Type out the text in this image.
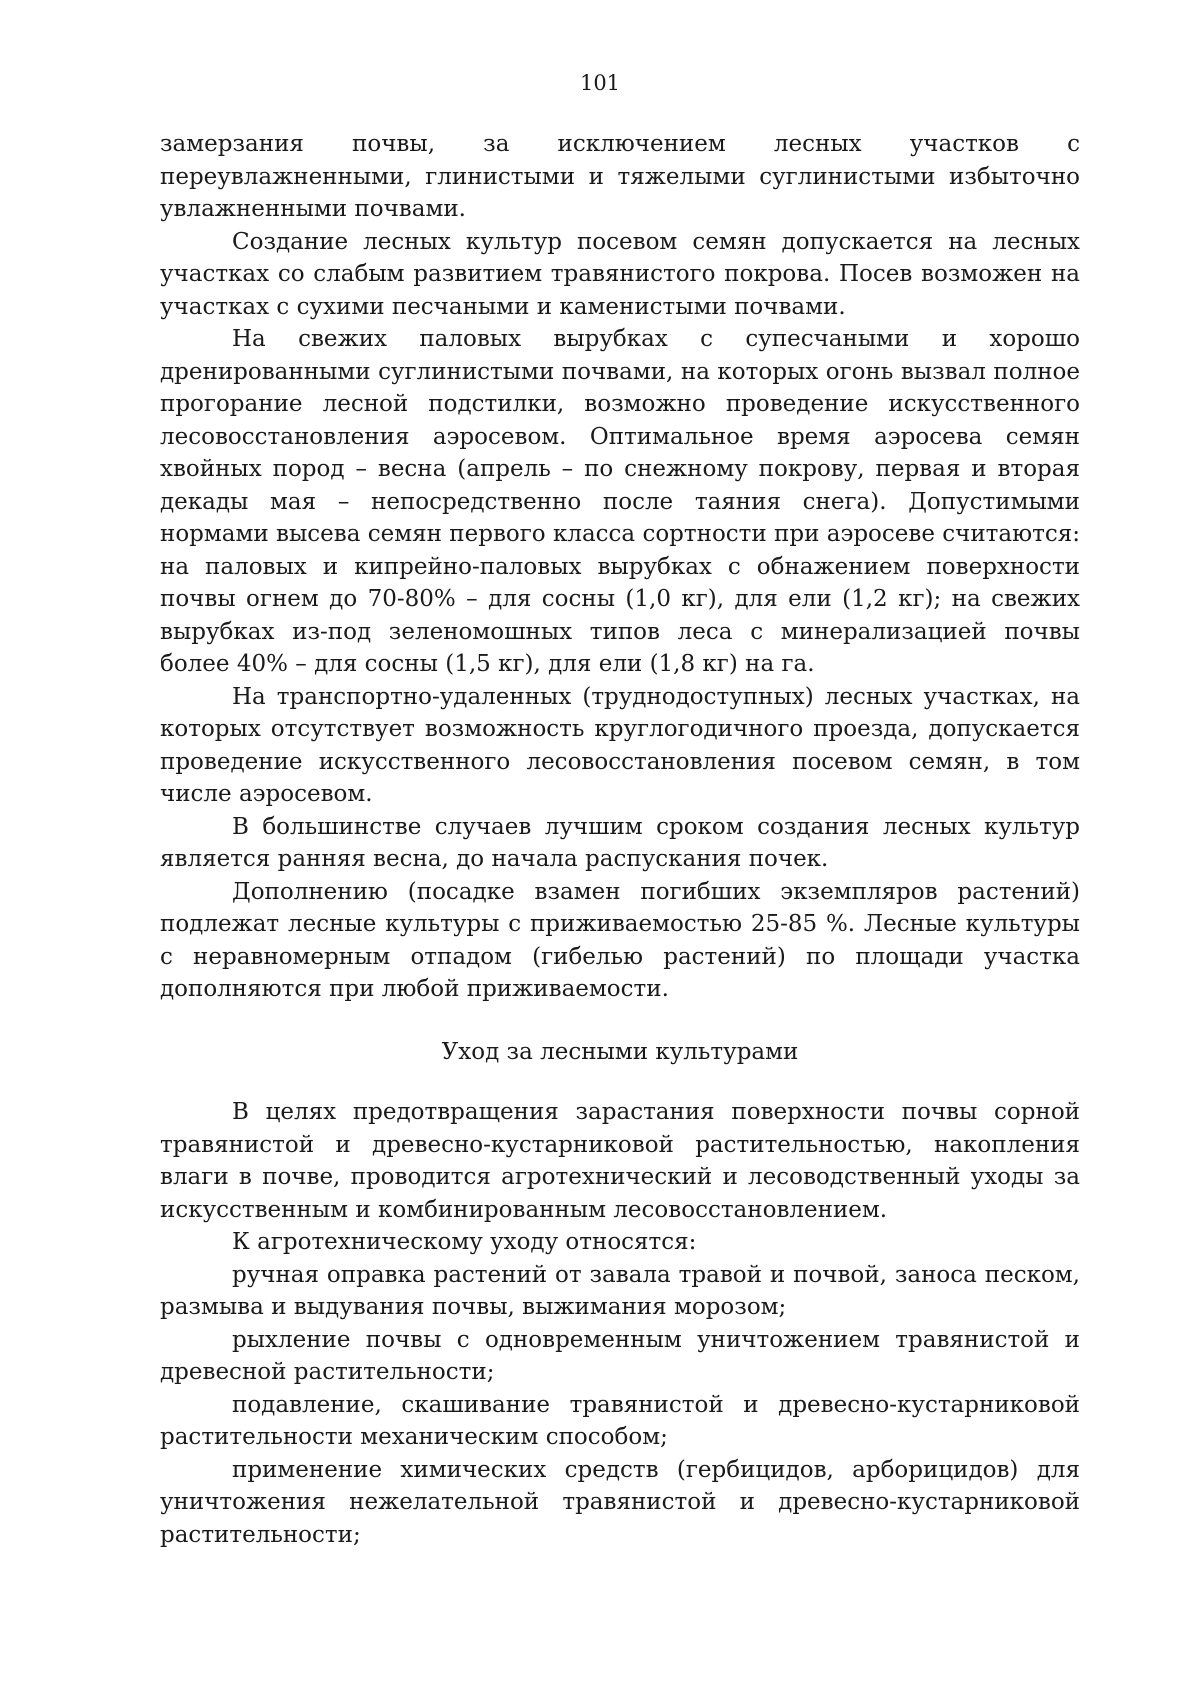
101

замерзания почвы, за исключением лесных участков с переувлажненными, глинистыми и тяжелыми суглинистыми избыточно увлажненными почвами.

Создание лесных культур посевом семян допускается на лесных участках со слабым развитием травянистого покрова. Посев возможен на участках с сухими песчаными и каменистыми почвами.

На свежих паловых вырубках с супесчаными и хорошо дренированными суглинистыми почвами, на которых огонь вызвал полное прогорание лесной подстилки, возможно проведение искусственного лесовосстановления аэросевом. Оптимальное время аэросева семян хвойных пород – весна (апрель – по снежному покрову, первая и вторая декады мая – непосредственно после таяния снега). Допустимыми нормами высева семян первого класса сортности при аэросеве считаются: на паловых и кипрейно-паловых вырубках с обнажением поверхности почвы огнем до 70-80% – для сосны (1,0 кг), для ели (1,2 кг); на свежих вырубках из-под зеленомошных типов леса с минерализацией почвы более 40% – для сосны (1,5 кг), для ели (1,8 кг) на га.

На транспортно-удаленных (труднодоступных) лесных участках, на которых отсутствует возможность круглогодичного проезда, допускается проведение искусственного лесовосстановления посевом семян, в том числе аэросевом.

В большинстве случаев лучшим сроком создания лесных культур является ранняя весна, до начала распускания почек.

Дополнению (посадке взамен погибших экземпляров растений) подлежат лесные культуры с приживаемостью 25-85 %. Лесные культуры с неравномерным отпадом (гибелью растений) по площади участка дополняются при любой приживаемости.

Уход за лесными культурами

В целях предотвращения зарастания поверхности почвы сорной травянистой и древесно-кустарниковой растительностью, накопления влаги в почве, проводится агротехнический и лесоводственный уходы за искусственным и комбинированным лесовосстановлением.

К агротехническому уходу относятся:

ручная оправка растений от завала травой и почвой, заноса песком, размыва и выдувания почвы, выжимания морозом;

рыхление почвы с одновременным уничтожением травянистой и древесной растительности;

подавление, скашивание травянистой и древесно-кустарниковой растительности механическим способом;

применение химических средств (гербицидов, арборицидов) для уничтожения нежелательной травянистой и древесно-кустарниковой растительности;
